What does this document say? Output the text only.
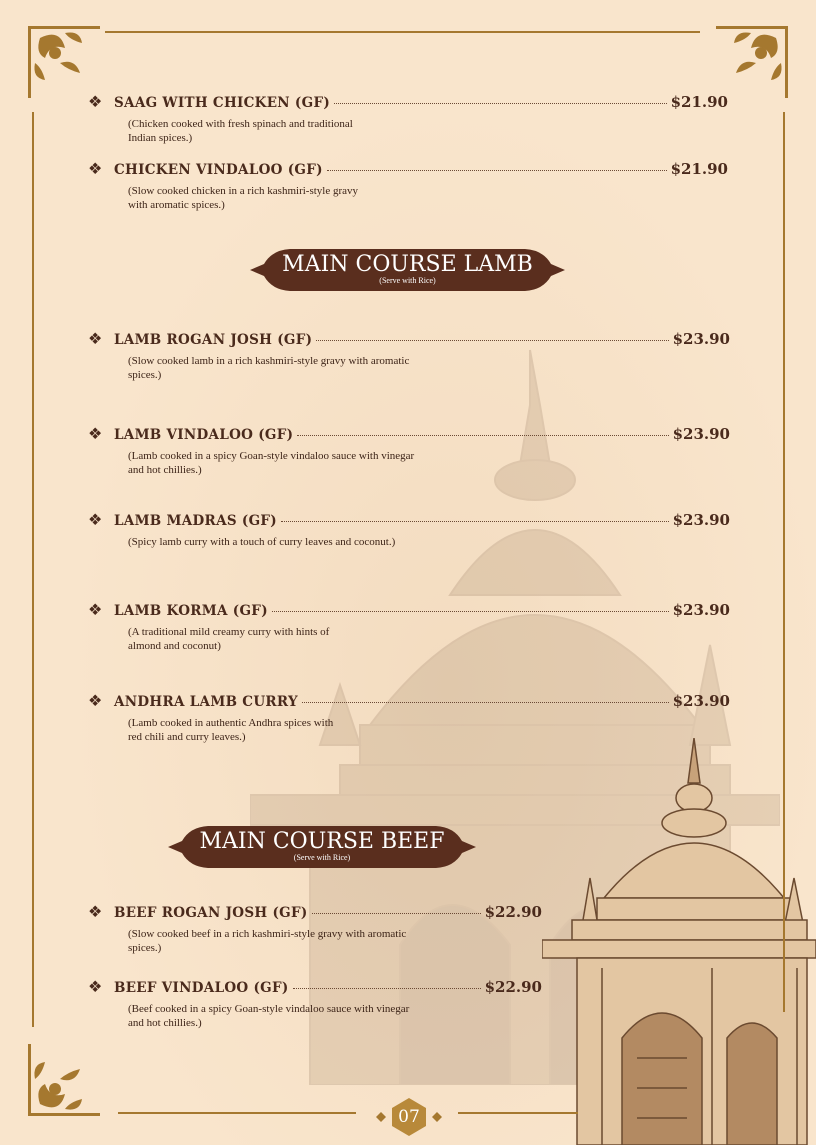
❖ SAAG WITH CHICKEN (GF)	$21.90
(Chicken cooked with fresh spinach and traditional
Indian spices.)
❖ CHICKEN VINDALOO (GF)	$21.90
(Slow cooked chicken in a rich kashmiri-style gravy
with aromatic spices.)
MAIN COURSE LAMB
(Serve with Rice)
❖ LAMB ROGAN JOSH (GF)	$23.90
(Slow cooked lamb in a rich kashmiri-style gravy with aromatic
spices.)
❖ LAMB VINDALOO (GF)	$23.90
(Lamb cooked in a spicy Goan-style vindaloo sauce with vinegar
and hot chillies.)
❖ LAMB MADRAS (GF)	$23.90
(Spicy lamb curry with a touch of curry leaves and coconut.)
❖ LAMB KORMA (GF)	$23.90
(A traditional mild creamy curry with hints of
almond and coconut)
❖ ANDHRA LAMB CURRY	$23.90
(Lamb cooked in authentic Andhra spices with
red chili and curry leaves.)
MAIN COURSE BEEF
(Serve with Rice)
❖ BEEF ROGAN JOSH (GF)	$22.90
(Slow cooked beef in a rich kashmiri-style gravy with aromatic
spices.)
❖ BEEF VINDALOO (GF)	$22.90
(Beef cooked in a spicy Goan-style vindaloo sauce with vinegar
and hot chillies.)
07
